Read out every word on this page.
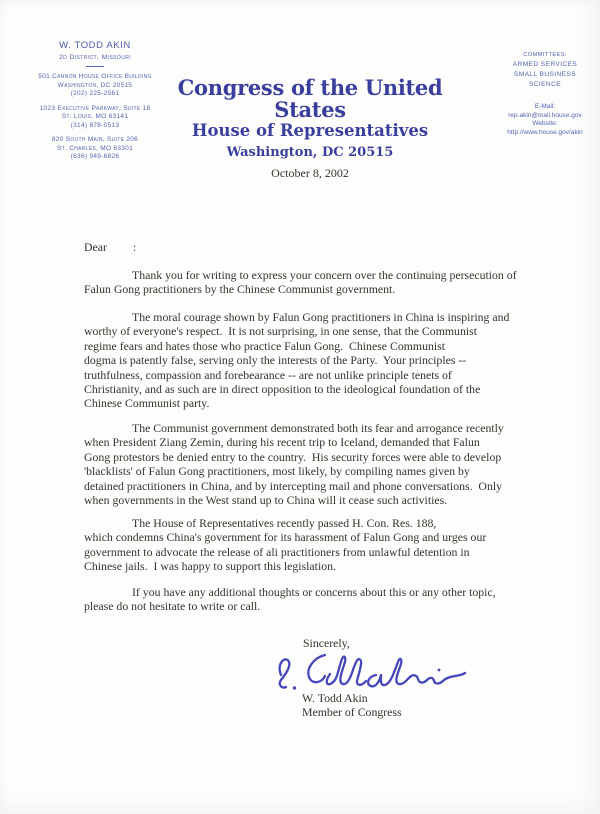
W. TODD AKIN
2d District, Missouri
501 Cannon House Office Building
Washington, DC 20515
(202) 225-2561
1023 Executive Parkway, Suite 18
St. Louis, MO 63141
(314) 878-0513
820 South Main, Suite 206
St. Charles, MO 63301
(636) 949-6826
Congress of the United States
House of Representatives
Washington, DC 20515
October 8, 2002
COMMITTEES:
ARMED SERVICES
SMALL BUSINESS
SCIENCE
E-Mail:
rep.akin@mail.house.gov
Website:
http://www.house.gov/akin
Dear :
Thank you for writing to express your concern over the continuing persecution of
Falun Gong practitioners by the Chinese Communist government.
The moral courage shown by Falun Gong practitioners in China is inspiring and
worthy of everyone's respect.  It is not surprising, in one sense, that the Communist
regime fears and hates those who practice Falun Gong.  Chinese Communist
dogma is patently false, serving only the interests of the Party.  Your principles --
truthfulness, compassion and forebearance -- are not unlike principle tenets of
Christianity, and as such are in direct opposition to the ideological foundation of the
Chinese Communist party.
The Communist government demonstrated both its fear and arrogance recently
when President Ziang Zemin, during his recent trip to Iceland, demanded that Falun
Gong protestors be denied entry to the country.  His security forces were able to develop
'blacklists' of Falun Gong practitioners, most likely, by compiling names given by
detained practitioners in China, and by intercepting mail and phone conversations.  Only
when governments in the West stand up to China will it cease such activities.
The House of Representatives recently passed H. Con. Res. 188,
which condemns China's government for its harassment of Falun Gong and urges our
government to advocate the release of ali practitioners from unlawful detention in
Chinese jails.  I was happy to support this legislation.
If you have any additional thoughts or concerns about this or any other topic,
please do not hesitate to write or call.
Sincerely,
W. Todd Akin
Member of Congress
